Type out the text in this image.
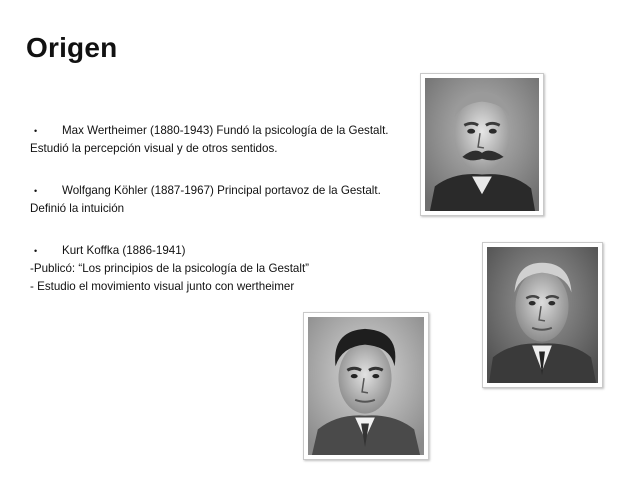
Origen
•	Max Wertheimer (1880-1943) Fundó la psicología de la Gestalt.
Estudió la percepción visual y de otros sentidos.
•	Wolfgang Köhler (1887-1967) Principal portavoz de la Gestalt.
Definió la intuición
•	Kurt Koffka (1886-1941)
-Publicó: “Los principios de la psicología de la Gestalt”
- Estudio el movimiento visual junto con wertheimer
